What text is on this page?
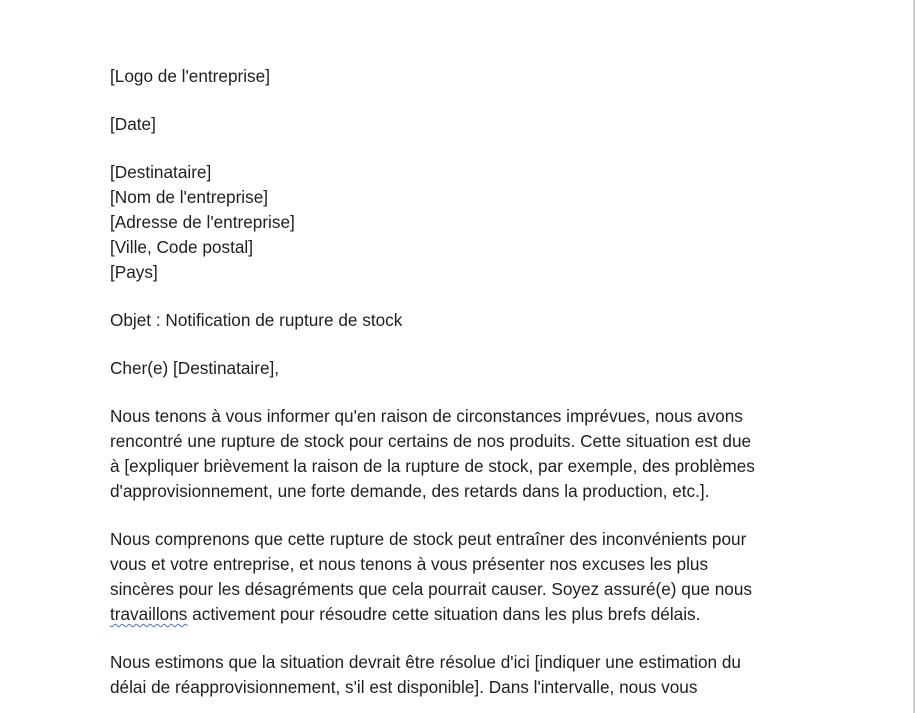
[Logo de l'entreprise]

[Date]

[Destinataire]
[Nom de l'entreprise]
[Adresse de l'entreprise]
[Ville, Code postal]
[Pays]

Objet : Notification de rupture de stock

Cher(e) [Destinataire],

Nous tenons à vous informer qu'en raison de circonstances imprévues, nous avons
rencontré une rupture de stock pour certains de nos produits. Cette situation est due
à [expliquer brièvement la raison de la rupture de stock, par exemple, des problèmes
d'approvisionnement, une forte demande, des retards dans la production, etc.].

Nous comprenons que cette rupture de stock peut entraîner des inconvénients pour
vous et votre entreprise, et nous tenons à vous présenter nos excuses les plus
sincères pour les désagréments que cela pourrait causer. Soyez assuré(e) que nous
travaillons activement pour résoudre cette situation dans les plus brefs délais.

Nous estimons que la situation devrait être résolue d'ici [indiquer une estimation du
délai de réapprovisionnement, s'il est disponible]. Dans l'intervalle, nous vous
